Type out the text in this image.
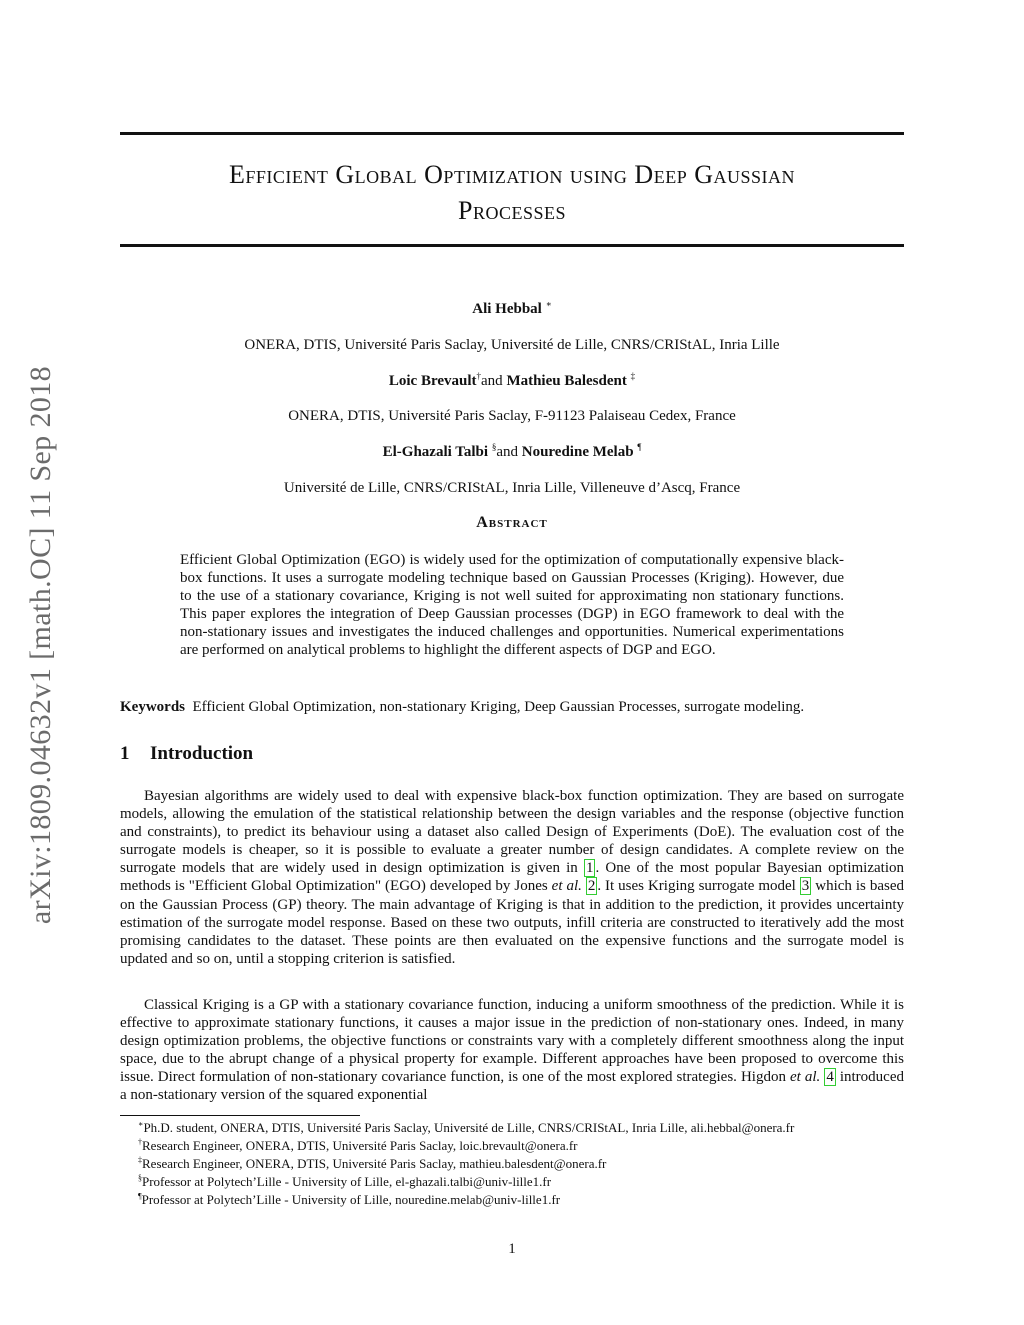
arXiv:1809.04632v1 [math.OC] 11 Sep 2018
Efficient Global Optimization using Deep Gaussian
Processes
Ali Hebbal ∗
ONERA, DTIS, Université Paris Saclay, Université de Lille, CNRS/CRIStAL, Inria Lille
Loic Brevault†and Mathieu Balesdent ‡
ONERA, DTIS, Université Paris Saclay, F-91123 Palaiseau Cedex, France
El-Ghazali Talbi §and Nouredine Melab ¶
Université de Lille, CNRS/CRIStAL, Inria Lille, Villeneuve d’Ascq, France
Abstract
Efficient Global Optimization (EGO) is widely used for the optimization of computationally expensive black-box functions. It uses a surrogate modeling technique based on Gaussian Processes (Kriging). However, due to the use of a stationary covariance, Kriging is not well suited for approximating non stationary functions. This paper explores the integration of Deep Gaussian processes (DGP) in EGO framework to deal with the non-stationary issues and investigates the induced challenges and opportunities. Numerical experimentations are performed on analytical problems to highlight the different aspects of DGP and EGO.
Keywords Efficient Global Optimization, non-stationary Kriging, Deep Gaussian Processes, surrogate modeling.
1 Introduction

Bayesian algorithms are widely used to deal with expensive black-box function optimization. They are based on surrogate models, allowing the emulation of the statistical relationship between the design variables and the response (objective function and constraints), to predict its behaviour using a dataset also called Design of Experiments (DoE). The evaluation cost of the surrogate models is cheaper, so it is possible to evaluate a greater number of design candidates. A complete review on the surrogate models that are widely used in design optimization is given in 1 . One of the most popular Bayesian optimization methods is "Efficient Global Optimization" (EGO) developed by Jones et al. 2 . It uses Kriging surrogate model 3 which is based on the Gaussian Process (GP) theory. The main advantage of Kriging is that in addition to the prediction, it provides uncertainty estimation of the surrogate model response. Based on these two outputs, infill criteria are constructed to iteratively add the most promising candidates to the dataset. These points are then evaluated on the expensive functions and the surrogate model is updated and so on, until a stopping criterion is satisfied.

Classical Kriging is a GP with a stationary covariance function, inducing a uniform smoothness of the prediction. While it is effective to approximate stationary functions, it causes a major issue in the prediction of non-stationary ones. Indeed, in many design optimization problems, the objective functions or constraints vary with a completely different smoothness along the input space, due to the abrupt change of a physical property for example. Different approaches have been proposed to overcome this issue. Direct formulation of non-stationary covariance function, is one of the most explored strategies. Higdon et al. 4 introduced a non-stationary version of the squared exponential

∗Ph.D. student, ONERA, DTIS, Université Paris Saclay, Université de Lille, CNRS/CRIStAL, Inria Lille, ali.hebbal@onera.fr

†Research Engineer, ONERA, DTIS, Université Paris Saclay, loic.brevault@onera.fr

‡Research Engineer, ONERA, DTIS, Université Paris Saclay, mathieu.balesdent@onera.fr

§Professor at Polytech’Lille - University of Lille, el-ghazali.talbi@univ-lille1.fr

¶Professor at Polytech’Lille - University of Lille, nouredine.melab@univ-lille1.fr

1
